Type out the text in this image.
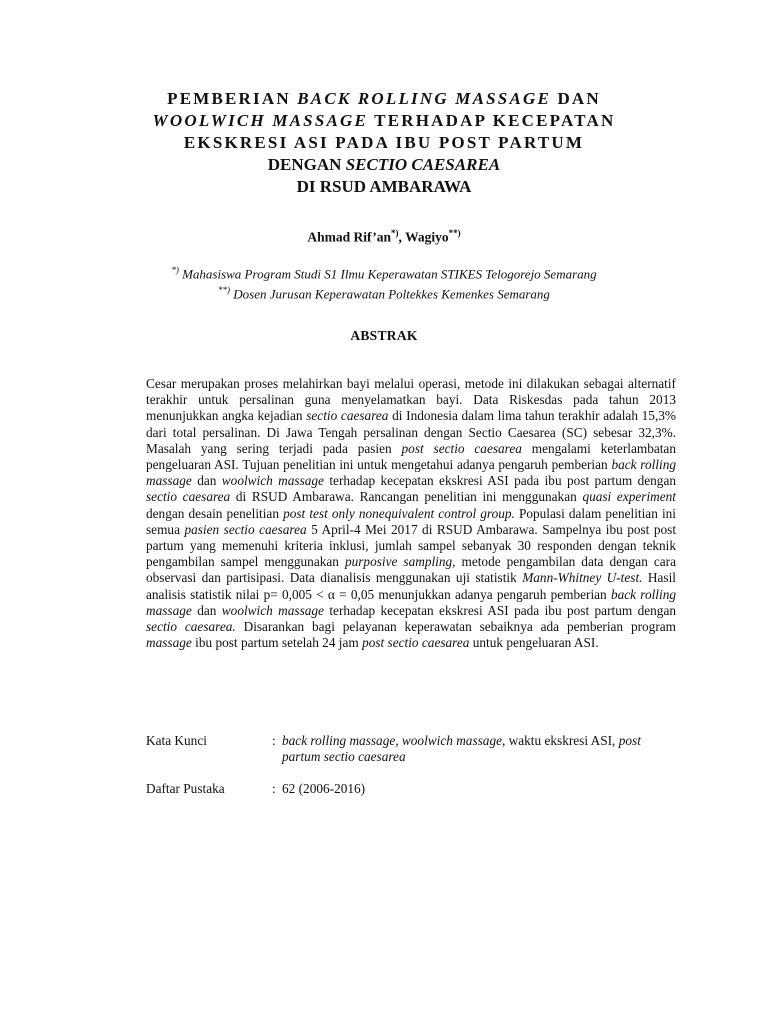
PEMBERIAN BACK ROLLING MASSAGE DAN
WOOLWICH MASSAGE TERHADAP KECEPATAN
EKSKRESI ASI PADA IBU POST PARTUM
DENGAN SECTIO CAESAREA
DI RSUD AMBARAWA
Ahmad Rif’an*), Wagiyo**)
*) Mahasiswa Program Studi S1 Ilmu Keperawatan STIKES Telogorejo Semarang
**) Dosen Jurusan Keperawatan Poltekkes Kemenkes Semarang
ABSTRAK

Cesar merupakan proses melahirkan bayi melalui operasi, metode ini dilakukan sebagai alternatif terakhir untuk persalinan guna menyelamatkan bayi. Data Riskesdas pada tahun 2013 menunjukkan angka kejadian sectio caesarea di Indonesia dalam lima tahun terakhir adalah 15,3% dari total persalinan. Di Jawa Tengah persalinan dengan Sectio Caesarea (SC) sebesar 32,3%. Masalah yang sering terjadi pada pasien post sectio caesarea mengalami keterlambatan pengeluaran ASI. Tujuan penelitian ini untuk mengetahui adanya pengaruh pemberian back rolling massage dan woolwich massage terhadap kecepatan ekskresi ASI pada ibu post partum dengan sectio caesarea di RSUD Ambarawa. Rancangan penelitian ini menggunakan quasi experiment dengan desain penelitian post test only nonequivalent control group. Populasi dalam penelitian ini semua pasien sectio caesarea 5 April-4 Mei 2017 di RSUD Ambarawa. Sampelnya ibu post post partum yang memenuhi kriteria inklusi, jumlah sampel sebanyak 30 responden dengan teknik pengambilan sampel menggunakan purposive sampling, metode pengambilan data dengan cara observasi dan partisipasi. Data dianalisis menggunakan uji statistik Mann-Whitney U-test. Hasil analisis statistik nilai p= 0,005 < α = 0,05 menunjukkan adanya pengaruh pemberian back rolling massage dan woolwich massage terhadap kecepatan ekskresi ASI pada ibu post partum dengan sectio caesarea. Disarankan bagi pelayanan keperawatan sebaiknya ada pemberian program massage ibu post partum setelah 24 jam post sectio caesarea untuk pengeluaran ASI.

Kata Kunci	: back rolling massage, woolwich massage, waktu ekskresi ASI, post partum sectio caesarea
Daftar Pustaka	: 62 (2006-2016)
